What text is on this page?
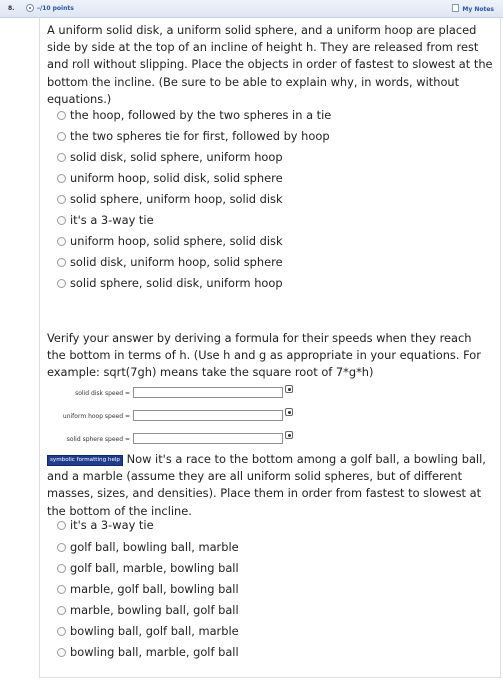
8.	–/10 points	My Notes

A uniform solid disk, a uniform solid sphere, and a uniform hoop are placed side by side at the top of an incline of height h. They are released from rest and roll without slipping. Place the objects in order of fastest to slowest at the bottom the incline. (Be sure to be able to explain why, in words, without equations.)

the hoop, followed by the two spheres in a tie
the two spheres tie for first, followed by hoop
solid disk, solid sphere, uniform hoop
uniform hoop, solid disk, solid sphere
solid sphere, uniform hoop, solid disk
it's a 3-way tie
uniform hoop, solid sphere, solid disk
solid disk, uniform hoop, solid sphere
solid sphere, solid disk, uniform hoop

Verify your answer by deriving a formula for their speeds when they reach the bottom in terms of h. (Use h and g as appropriate in your equations. For example: sqrt(7gh) means take the square root of 7*g*h)

solid disk speed =
uniform hoop speed =
solid sphere speed =
symbolic formatting help Now it's a race to the bottom among a golf ball, a bowling ball, and a marble (assume they are all uniform solid spheres, but of different masses, sizes, and densities). Place them in order from fastest to slowest at the bottom of the incline.
it's a 3-way tie
golf ball, bowling ball, marble
golf ball, marble, bowling ball
marble, golf ball, bowling ball
marble, bowling ball, golf ball
bowling ball, golf ball, marble
bowling ball, marble, golf ball
